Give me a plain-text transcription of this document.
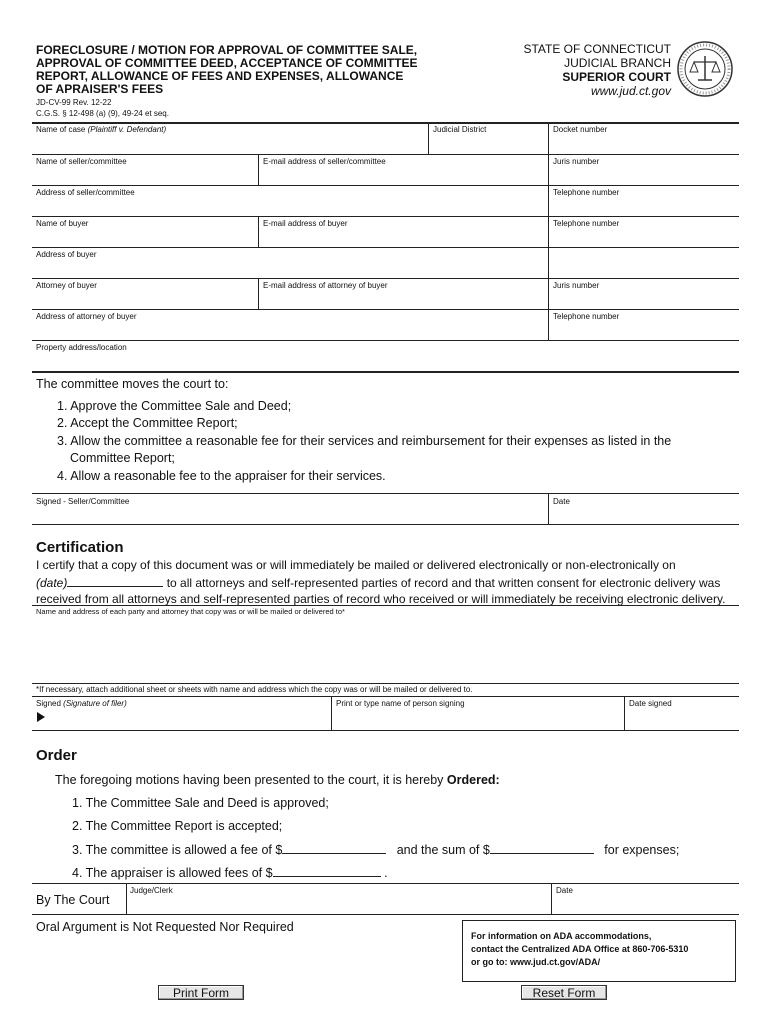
FORECLOSURE / MOTION FOR APPROVAL OF COMMITTEE SALE,
APPROVAL OF COMMITTEE DEED, ACCEPTANCE OF COMMITTEE
REPORT, ALLOWANCE OF FEES AND EXPENSES, ALLOWANCE
OF APRAISER'S FEES
JD-CV-99 Rev. 12-22
C.G.S. § 12-498 (a) (9), 49-24 et seq.
STATE OF CONNECTICUT
JUDICIAL BRANCH
SUPERIOR COURT
www.jud.ct.gov
Name of case (Plaintiff v. Defendant)	Judicial District	Docket number
Name of seller/committee	E-mail address of seller/committee	Juris number
Address of seller/committee	Telephone number
Name of buyer	E-mail address of buyer	Telephone number
Address of buyer
Attorney of buyer	E-mail address of attorney of buyer	Juris number
Address of attorney of buyer	Telephone number
Property address/location
The committee moves the court to:
1. Approve the Committee Sale and Deed;
2. Accept the Committee Report;
3. Allow the committee a reasonable fee for their services and reimbursement for their expenses as listed in the
Committee Report;
4. Allow a reasonable fee to the appraiser for their services.
Signed - Seller/Committee	Date
Certification
I certify that a copy of this document was or will immediately be mailed or delivered electronically or non-electronically on
(date)	to all attorneys and self-represented parties of record and that written consent for electronic delivery was
received from all attorneys and self-represented parties of record who received or will immediately be receiving electronic delivery.
Name and address of each party and attorney that copy was or will be mailed or delivered to*
*If necessary, attach additional sheet or sheets with name and address which the copy was or will be mailed or delivered to.
Signed (Signature of filer)	Print or type name of person signing	Date signed
Order
The foregoing motions having been presented to the court, it is hereby Ordered:
1. The Committee Sale and Deed is approved;
2. The Committee Report is accepted;
3. The committee is allowed a fee of $	and the sum of $	for expenses;
4. The appraiser is allowed fees of $	.
By The Court
Judge/Clerk	Date
Oral Argument is Not Requested Nor Required
For information on ADA accommodations,
contact the Centralized ADA Office at 860-706-5310
or go to: www.jud.ct.gov/ADA/
Print Form	Reset Form
